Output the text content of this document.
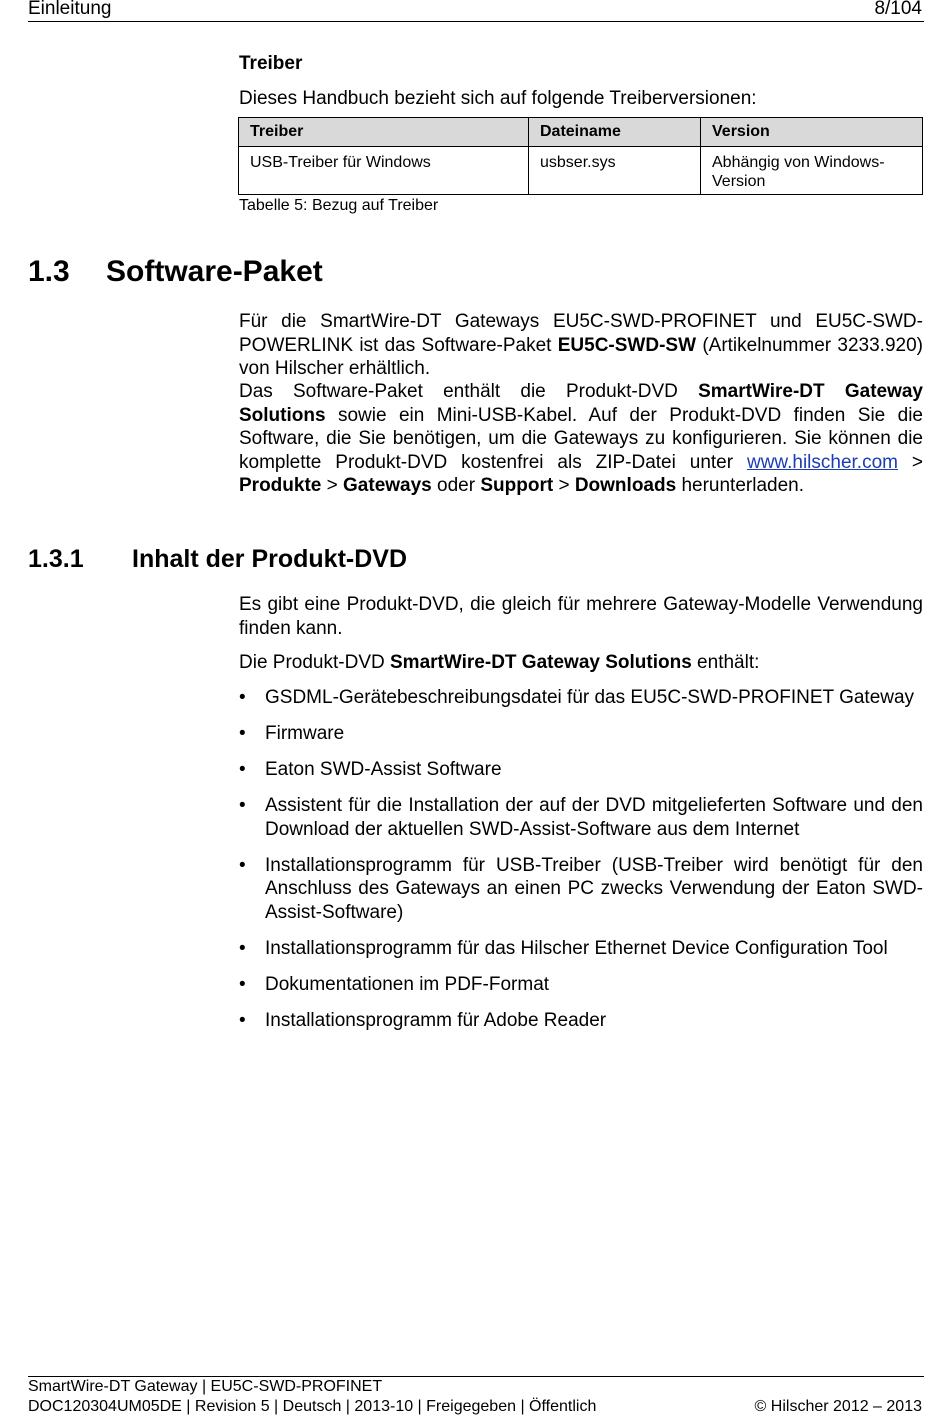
Einleitung	8/104
Treiber
Dieses Handbuch bezieht sich auf folgende Treiberversionen:
Treiber	Dateiname	Version
USB-Treiber für Windows	usbser.sys	Abhängig von Windows-Version
Tabelle 5: Bezug auf Treiber
1.3 Software-Paket
Für die SmartWire-DT Gateways EU5C-SWD-PROFINET und EU5C-SWD-POWERLINK ist das Software-Paket EU5C-SWD-SW (Artikelnummer 3233.920) von Hilscher erhältlich.
Das Software-Paket enthält die Produkt-DVD SmartWire-DT Gateway Solutions sowie ein Mini-USB-Kabel. Auf der Produkt-DVD finden Sie die Software, die Sie benötigen, um die Gateways zu konfigurieren. Sie können die komplette Produkt-DVD kostenfrei als ZIP-Datei unter www.hilscher.com > Produkte > Gateways oder Support > Downloads herunterladen.
1.3.1 Inhalt der Produkt-DVD
Es gibt eine Produkt-DVD, die gleich für mehrere Gateway-Modelle Verwendung finden kann.
Die Produkt-DVD SmartWire-DT Gateway Solutions enthält:
• GSDML-Gerätebeschreibungsdatei für das EU5C-SWD-PROFINET Gateway
• Firmware
• Eaton SWD-Assist Software
• Assistent für die Installation der auf der DVD mitgelieferten Software und den Download der aktuellen SWD-Assist-Software aus dem Internet
• Installationsprogramm für USB-Treiber (USB-Treiber wird benötigt für den Anschluss des Gateways an einen PC zwecks Verwendung der Eaton SWD-Assist-Software)
• Installationsprogramm für das Hilscher Ethernet Device Configuration Tool
• Dokumentationen im PDF-Format
• Installationsprogramm für Adobe Reader
SmartWire-DT Gateway | EU5C-SWD-PROFINET
DOC120304UM05DE | Revision 5 | Deutsch | 2013-10 | Freigegeben | Öffentlich	© Hilscher 2012 – 2013
